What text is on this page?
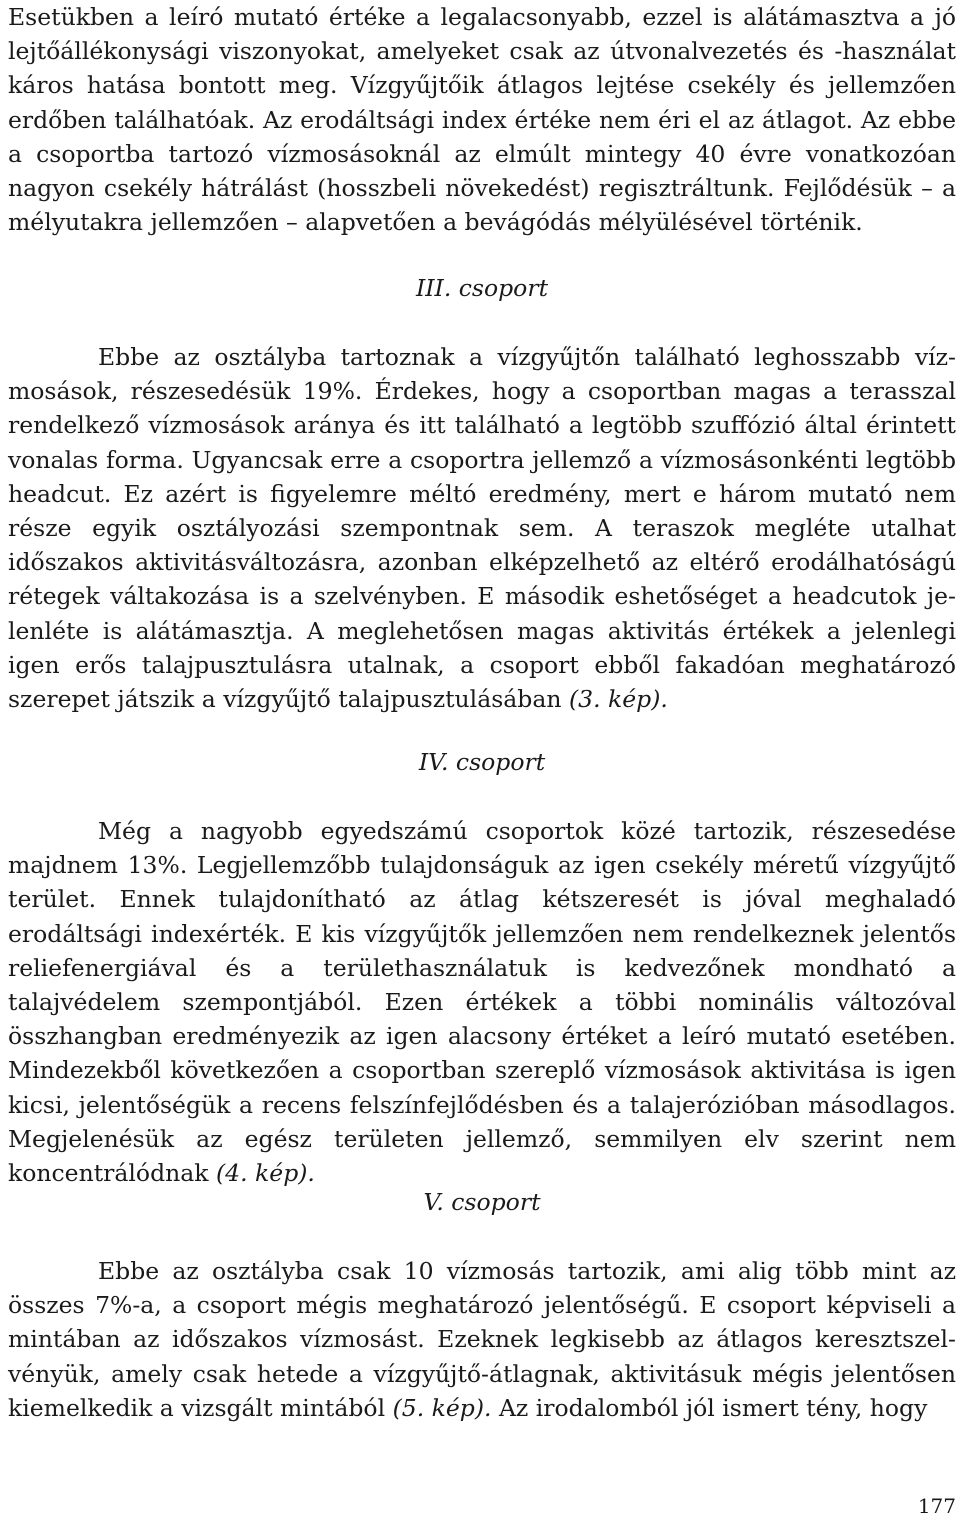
Esetükben a leíró mutató értéke a legalacsonyabb, ezzel is alátámasztva a jó lejtőállékonysági viszonyokat, amelyeket csak az útvonalvezetés és -használat káros hatása bontott meg. Vízgyűjtőik átlagos lejtése csekély és jellemzően erdőben találhatóak. Az erodáltsági index értéke nem éri el az átlagot. Az ebbe a csoportba tartozó vízmosásoknál az elmúlt mintegy 40 évre vonatkozóan nagyon csekély hátrálást (hosszbeli növekedést) regisztráltunk. Fejlődésük – a mélyutakra jellemzően – alapvetően a bevágódás mélyülésével történik.

III. csoport

Ebbe az osztályba tartoznak a vízgyűjtőn található leghosszabb vízmosások, részesedésük 19%. Érdekes, hogy a csoportban magas a terasszal rendelkező vízmosások aránya és itt található a legtöbb szuffózió által érintett vonalas forma. Ugyancsak erre a csoportra jellemző a vízmosásonkénti legtöbb headcut. Ez azért is figyelemre méltó eredmény, mert e három mutató nem része egyik osztályozási szempontnak sem. A teraszok megléte utalhat időszakos aktivitásváltozásra, azonban elképzelhető az eltérő erodálhatóságú rétegek váltakozása is a szelvényben. E második eshetőséget a headcutok jelenléte is alátámasztja. A meglehetősen magas aktivitás értékek a jelenlegi igen erős talajpusztulásra utalnak, a csoport ebből fakadóan meghatározó szerepet játszik a vízgyűjtő talajpusztulásában (3. kép).

IV. csoport

Még a nagyobb egyedszámú csoportok közé tartozik, részesedése majdnem 13%. Legjellemzőbb tulajdonságuk az igen csekély méretű vízgyűjtő terület. Ennek tulajdonítható az átlag kétszeresét is jóval meghaladó erodáltsági indexérték. E kis vízgyűjtők jellemzően nem rendelkeznek jelentős reliefenergiával és a területhasználatuk is kedvezőnek mondható a talajvédelem szempontjából. Ezen értékek a többi nominális változóval összhangban eredményezik az igen alacsony értéket a leíró mutató esetében. Mindezekből következően a csoportban szereplő vízmosások aktivitása is igen kicsi, jelentőségük a recens felszínfejlődésben és a talajerózióban másodlagos. Megjelenésük az egész területen jellemző, semmilyen elv szerint nem koncentrálódnak (4. kép).

V. csoport

Ebbe az osztályba csak 10 vízmosás tartozik, ami alig több mint az összes 7%-a, a csoport mégis meghatározó jelentőségű. E csoport képviseli a mintában az időszakos vízmosást. Ezeknek legkisebb az átlagos keresztszelvényük, amely csak hetede a vízgyűjtő-átlagnak, aktivitásuk mégis jelentősen kiemelkedik a vizsgált mintából (5. kép). Az irodalomból jól ismert tény, hogy

177
